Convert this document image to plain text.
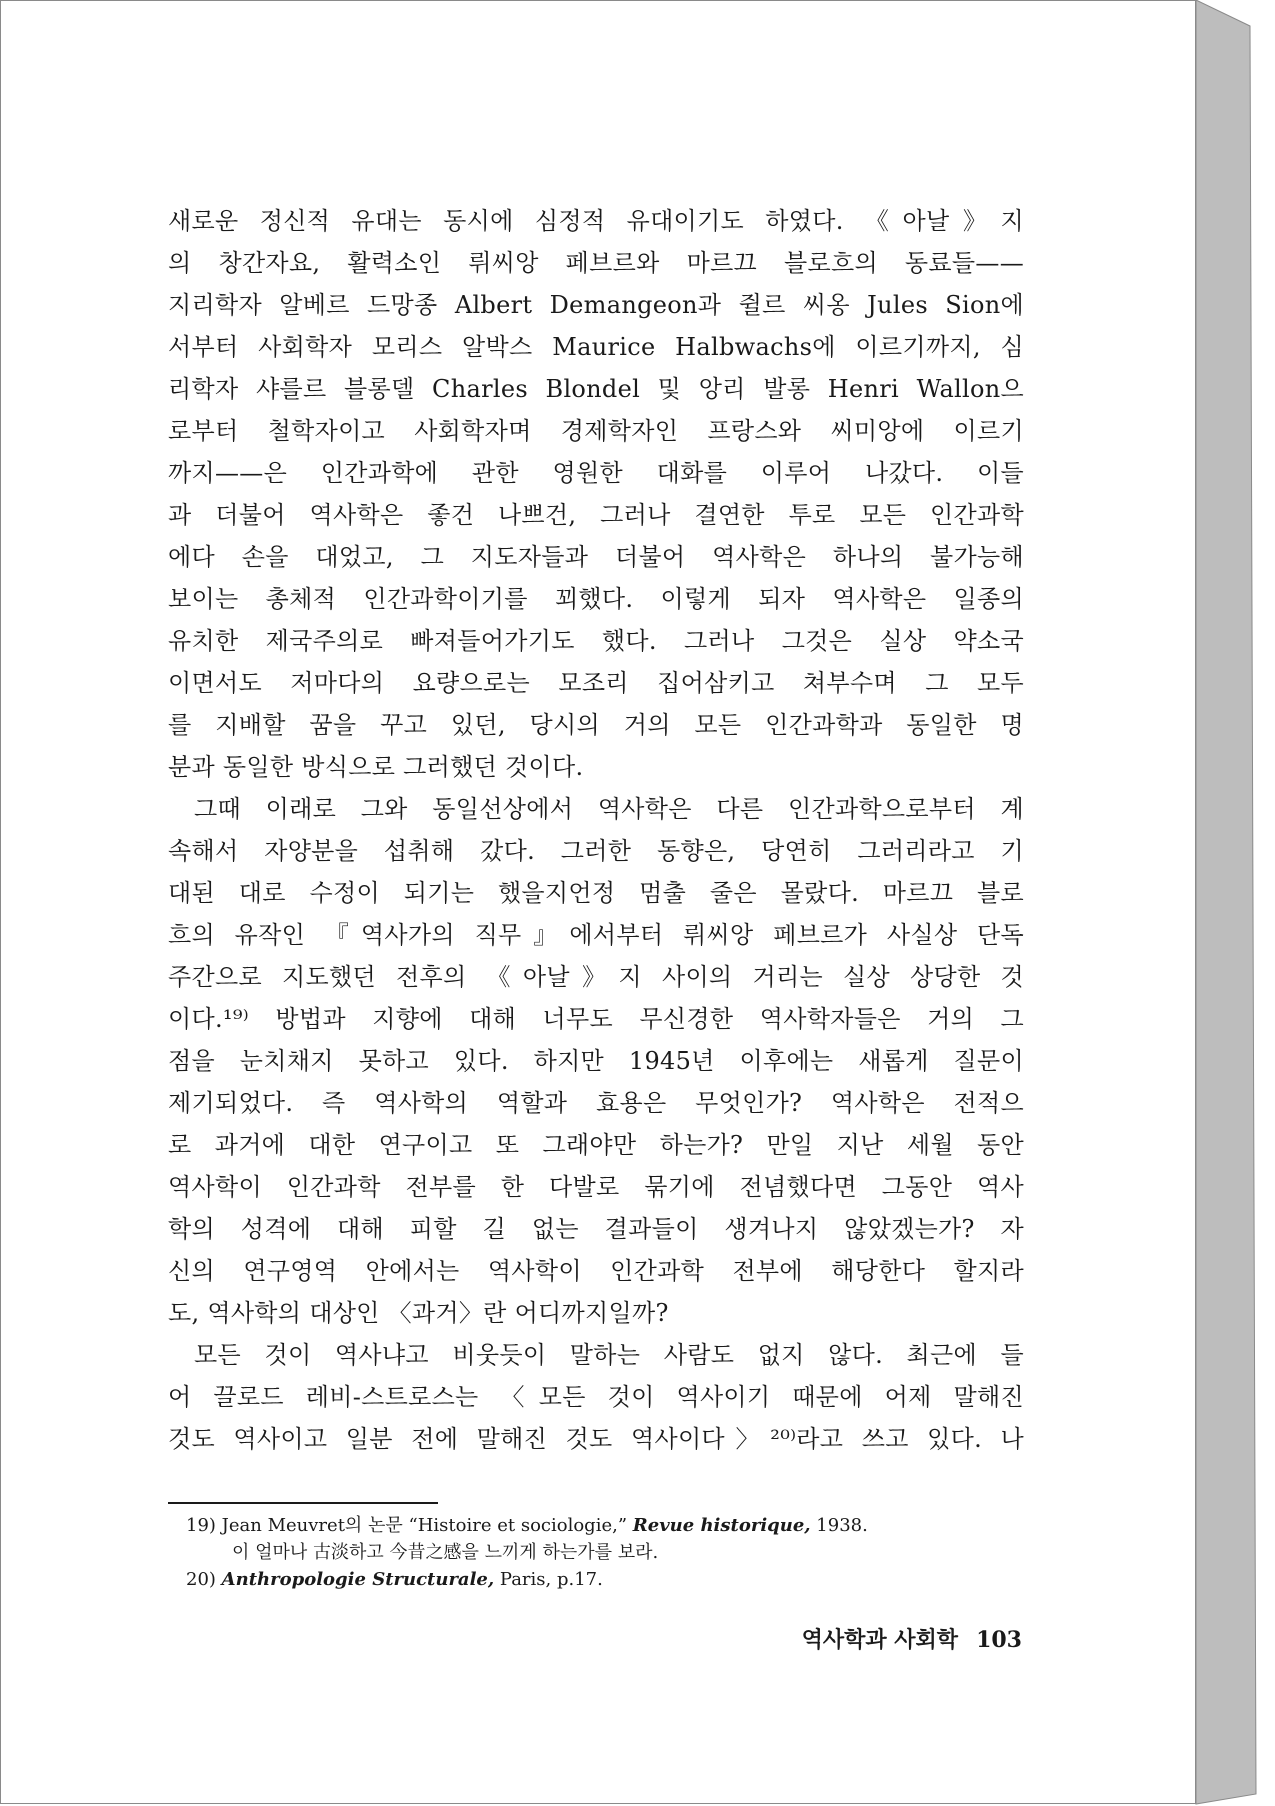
새로운 정신적 유대는 동시에 심정적 유대이기도 하였다. 《아날》지
의 창간자요, 활력소인 뤼씨앙 페브르와 마르끄 블로흐의 동료들——
지리학자 알베르 드망종 Albert Demangeon과 쥘르 씨옹 Jules Sion에
서부터 사회학자 모리스 알박스 Maurice Halbwachs에 이르기까지, 심
리학자 샤를르 블롱델 Charles Blondel 및 앙리 발롱 Henri Wallon으
로부터 철학자이고 사회학자며 경제학자인 프랑스와 씨미앙에 이르기
까지——은 인간과학에 관한 영원한 대화를 이루어 나갔다. 이들
과 더불어 역사학은 좋건 나쁘건, 그러나 결연한 투로 모든 인간과학
에다 손을 대었고, 그 지도자들과 더불어 역사학은 하나의 불가능해
보이는 총체적 인간과학이기를 꾀했다. 이렇게 되자 역사학은 일종의
유치한 제국주의로 빠져들어가기도 했다. 그러나 그것은 실상 약소국
이면서도 저마다의 요량으로는 모조리 집어삼키고 쳐부수며 그 모두
를 지배할 꿈을 꾸고 있던, 당시의 거의 모든 인간과학과 동일한 명
분과 동일한 방식으로 그러했던 것이다.
그때 이래로 그와 동일선상에서 역사학은 다른 인간과학으로부터 계
속해서 자양분을 섭취해 갔다. 그러한 동향은, 당연히 그러리라고 기
대된 대로 수정이 되기는 했을지언정 멈출 줄은 몰랐다. 마르끄 블로
흐의 유작인 『역사가의 직무』에서부터 뤼씨앙 페브르가 사실상 단독
주간으로 지도했던 전후의 《아날》지 사이의 거리는 실상 상당한 것
이다.¹⁹⁾ 방법과 지향에 대해 너무도 무신경한 역사학자들은 거의 그
점을 눈치채지 못하고 있다. 하지만 1945년 이후에는 새롭게 질문이
제기되었다. 즉 역사학의 역할과 효용은 무엇인가? 역사학은 전적으
로 과거에 대한 연구이고 또 그래야만 하는가? 만일 지난 세월 동안
역사학이 인간과학 전부를 한 다발로 묶기에 전념했다면 그동안 역사
학의 성격에 대해 피할 길 없는 결과들이 생겨나지 않았겠는가? 자
신의 연구영역 안에서는 역사학이 인간과학 전부에 해당한다 할지라
도, 역사학의 대상인 〈과거〉란 어디까지일까?
모든 것이 역사냐고 비웃듯이 말하는 사람도 없지 않다. 최근에 들
어 끌로드 레비-스트로스는 〈모든 것이 역사이기 때문에 어제 말해진
것도 역사이고 일분 전에 말해진 것도 역사이다〉²⁰⁾라고 쓰고 있다. 나
19) Jean Meuvret의 논문 “Histoire et sociologie,” Revue historique, 1938.
이 얼마나 古淡하고 今昔之感을 느끼게 하는가를 보라.
20) Anthropologie Structurale, Paris, p.17.
역사학과 사회학 103
